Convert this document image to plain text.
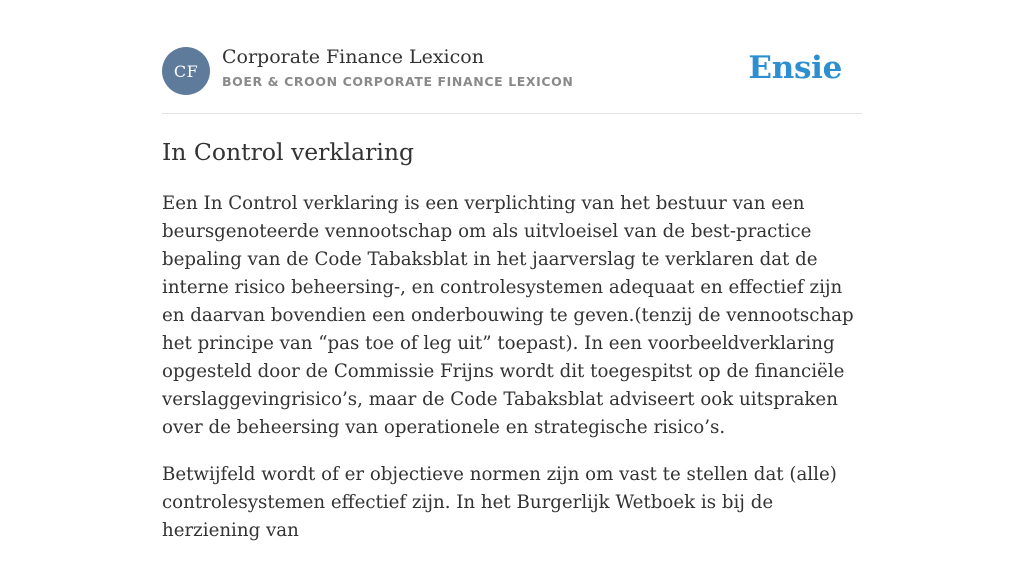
CF
Corporate Finance Lexicon
BOER & CROON CORPORATE FINANCE LEXICON	Ensie
In Control verklaring

Een In Control verklaring is een verplichting van het bestuur van een beursgenoteerde vennootschap om als uitvloeisel van de best-practice bepaling van de Code Tabaksblat in het jaarverslag te verklaren dat de interne risico beheersing-, en controlesystemen adequaat en effectief zijn en daarvan bovendien een onderbouwing te geven.(tenzij de vennootschap het principe van “pas toe of leg uit” toepast). In een voorbeeldverklaring opgesteld door de Commissie Frijns wordt dit toegespitst op de financiële verslaggevingrisico’s, maar de Code Tabaksblat adviseert ook uitspraken over de beheersing van operationele en strategische risico’s.

Betwijfeld wordt of er objectieve normen zijn om vast te stellen dat (alle) controlesystemen effectief zijn. In het Burgerlijk Wetboek is bij de herziening van
